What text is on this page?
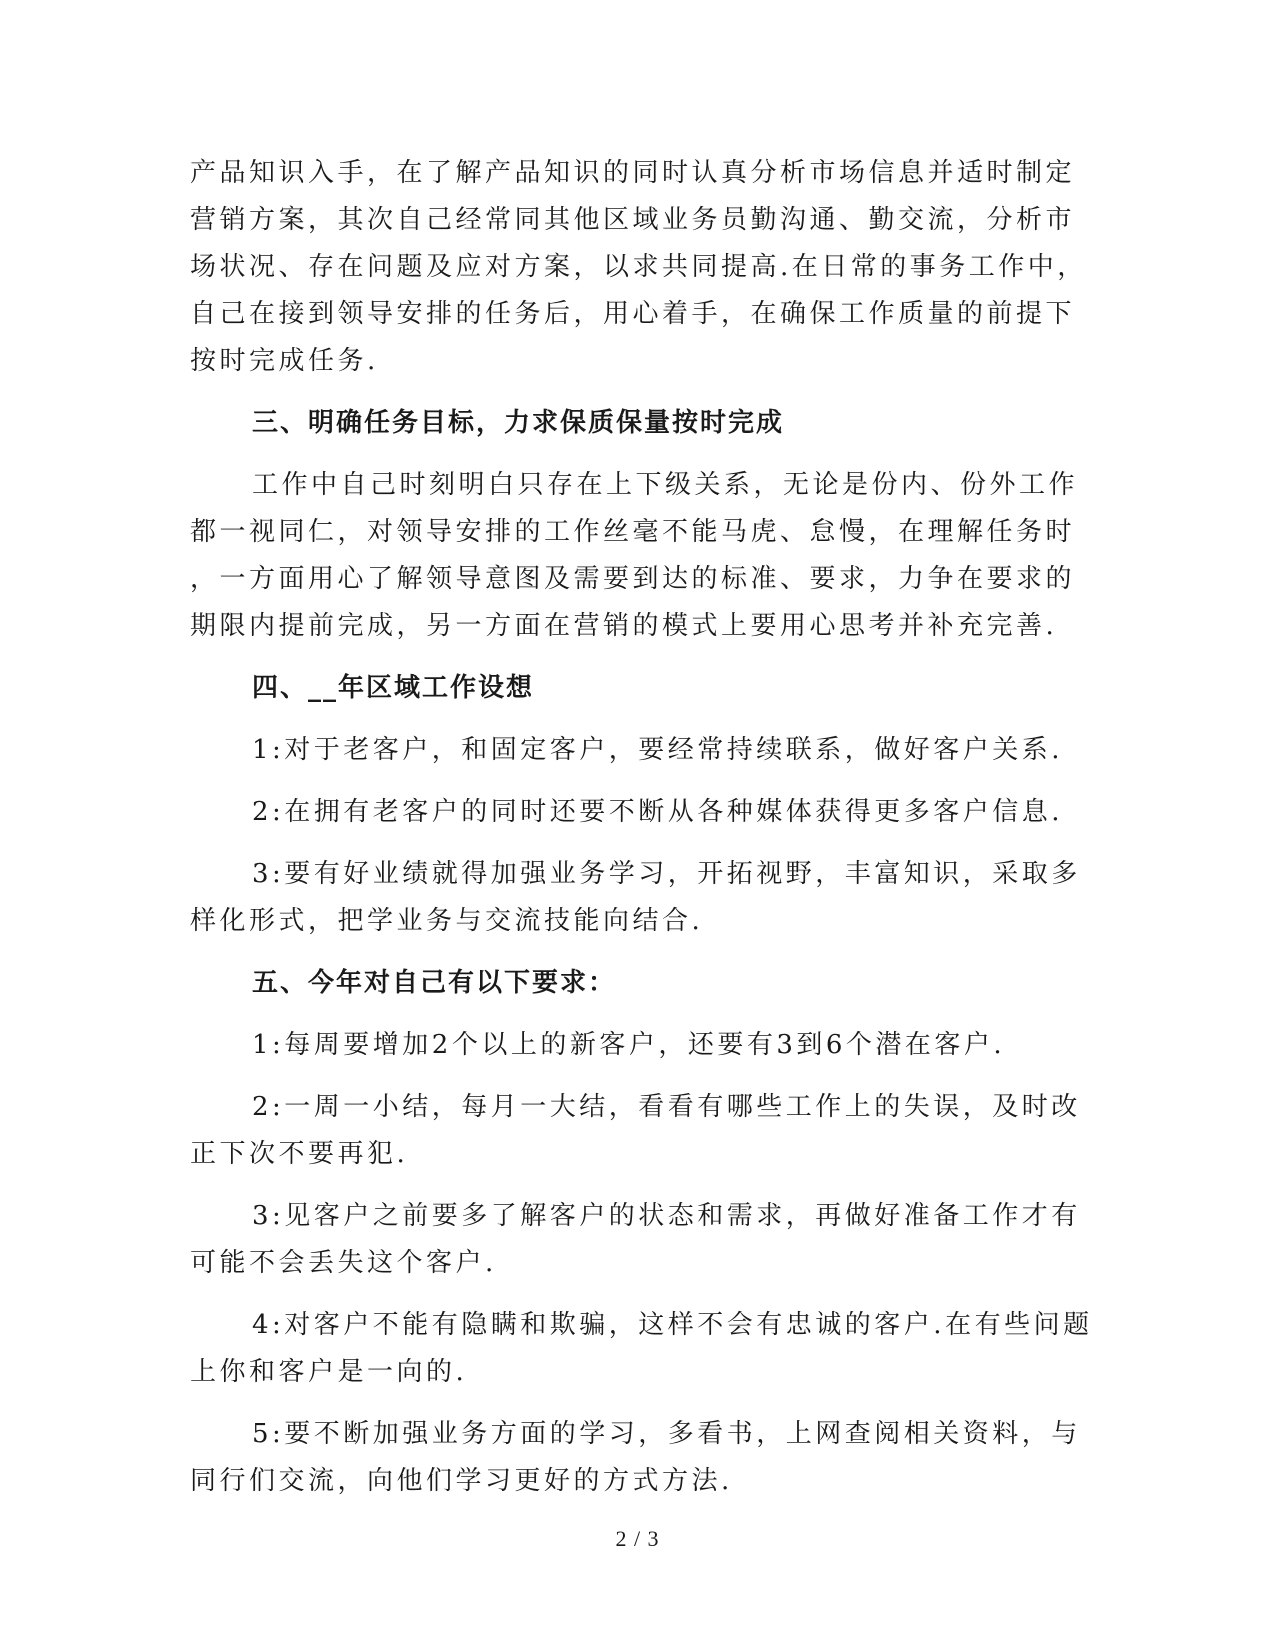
产品知识入手，在了解产品知识的同时认真分析市场信息并适时制定
营销方案，其次自己经常同其他区域业务员勤沟通、勤交流，分析市
场状况、存在问题及应对方案，以求共同提高.在日常的事务工作中，
自己在接到领导安排的任务后，用心着手，在确保工作质量的前提下
按时完成任务.
三、明确任务目标，力求保质保量按时完成
工作中自己时刻明白只存在上下级关系，无论是份内、份外工作
都一视同仁，对领导安排的工作丝毫不能马虎、怠慢，在理解任务时
，一方面用心了解领导意图及需要到达的标准、要求，力争在要求的
期限内提前完成，另一方面在营销的模式上要用心思考并补充完善.
四、__年区域工作设想
1:对于老客户，和固定客户，要经常持续联系，做好客户关系.
2:在拥有老客户的同时还要不断从各种媒体获得更多客户信息.
3:要有好业绩就得加强业务学习，开拓视野，丰富知识，采取多
样化形式，把学业务与交流技能向结合.
五、今年对自己有以下要求：
1:每周要增加2个以上的新客户，还要有3到6个潜在客户.
2:一周一小结，每月一大结，看看有哪些工作上的失误，及时改
正下次不要再犯.
3:见客户之前要多了解客户的状态和需求，再做好准备工作才有
可能不会丢失这个客户.
4:对客户不能有隐瞒和欺骗，这样不会有忠诚的客户.在有些问题
上你和客户是一向的.
5:要不断加强业务方面的学习，多看书，上网查阅相关资料，与
同行们交流，向他们学习更好的方式方法.
2 / 3
